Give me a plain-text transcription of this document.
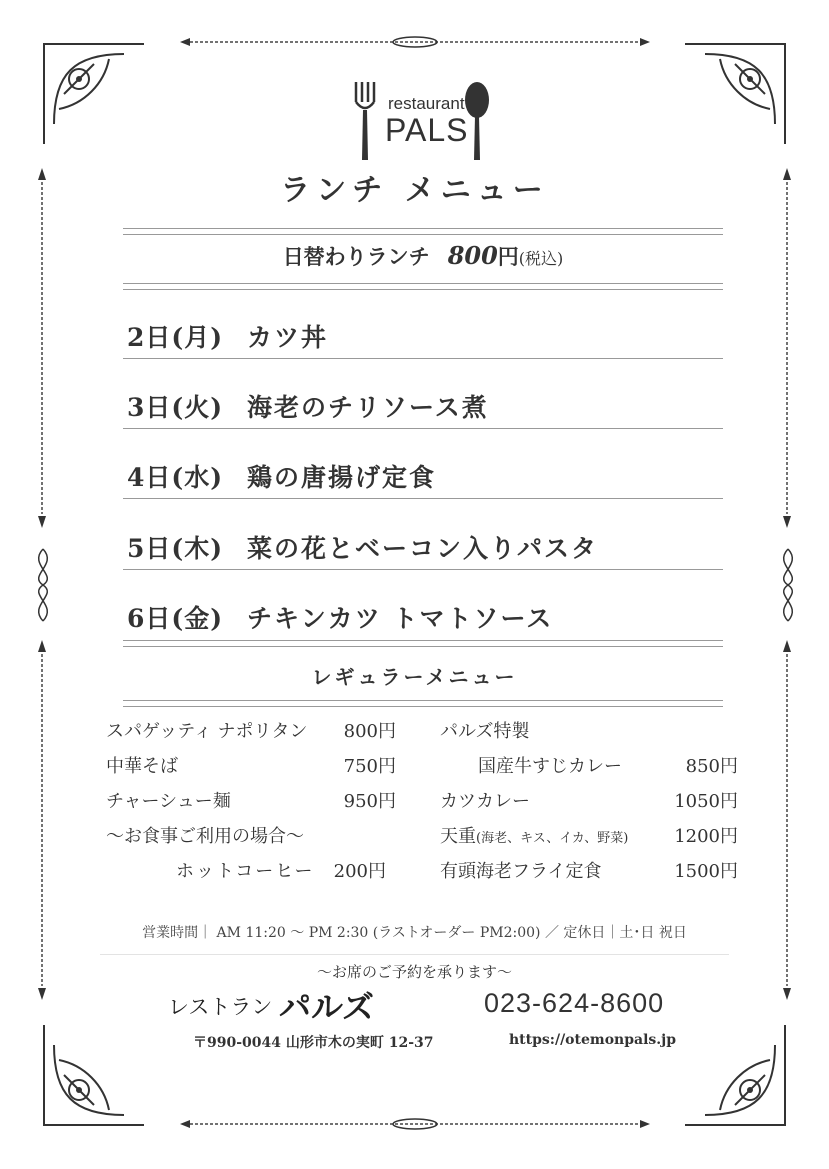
restaurant
PALS
ランチ メニュー
日替わりランチ 800円(税込)
2日(月) カツ丼
3日(火) 海老のチリソース煮
4日(水) 鶏の唐揚げ定食
5日(木) 菜の花とベーコン入りパスタ
6日(金) チキンカツ トマトソース
レギュラーメニュー
スパゲッティ ナポリタン	800円
中華そば	750円
チャーシュー麺	950円
～お食事ご利用の場合～
ホットコーヒー	200円
パルズ特製
国産牛すじカレー	850円
カツカレー	1050円
天重(海老、キス、イカ、野菜)	1200円
有頭海老フライ定食	1500円
営業時間｜ AM 11:20 ～ PM 2:30 (ラストオーダー PM2:00) ／ 定休日｜土･日 祝日
～お席のご予約を承ります～
レストラン パルズ	023-624-8600
〒990-0044 山形市木の実町 12-37	https://otemonpals.jp
